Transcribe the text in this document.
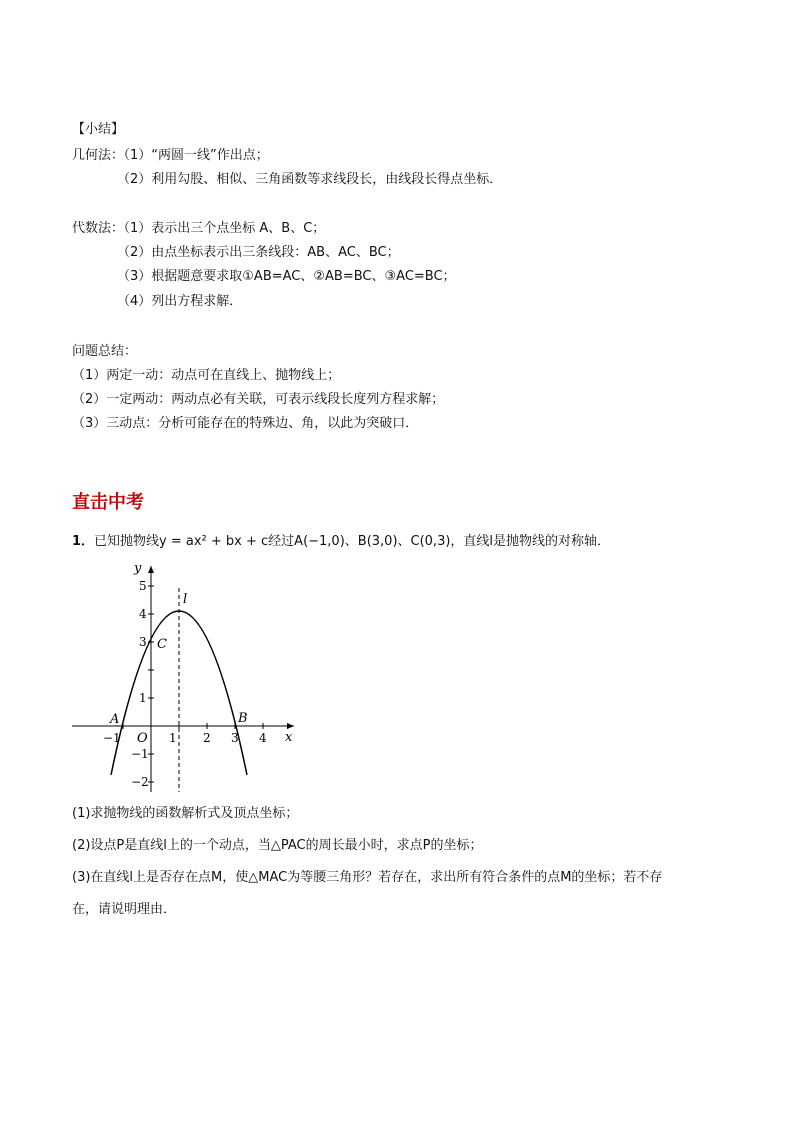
【小结】
几何法：
（1）“两圆一线”作出点；
（2）利用勾股、相似、三角函数等求线段长，由线段长得点坐标．
代数法：
（1）表示出三个点坐标 A、B、C；
（2）由点坐标表示出三条线段：AB、AC、BC；
（3）根据题意要求取①AB=AC、②AB=BC、③AC=BC；
（4）列出方程求解．
问题总结：
（1）两定一动：动点可在直线上、抛物线上；
（2）一定两动：两动点必有关联，可表示线段长度列方程求解；
（3）三动点：分析可能存在的特殊边、角，以此为突破口．
直击中考
1．已知抛物线y = ax² + bx + c经过A(−1,0)、B(3,0)、C(0,3)，直线l是抛物线的对称轴．
y
x
O
l
A	B
C
−1	1 2 3 4
5
4
3
1
−1
−2
(1)求抛物线的函数解析式及顶点坐标；
(2)设点P是直线l上的一个动点，当△PAC的周长最小时，求点P的坐标；
(3)在直线l上是否存在点M，使△MAC为等腰三角形？若存在，求出所有符合条件的点M的坐标；若不存
在，请说明理由．
